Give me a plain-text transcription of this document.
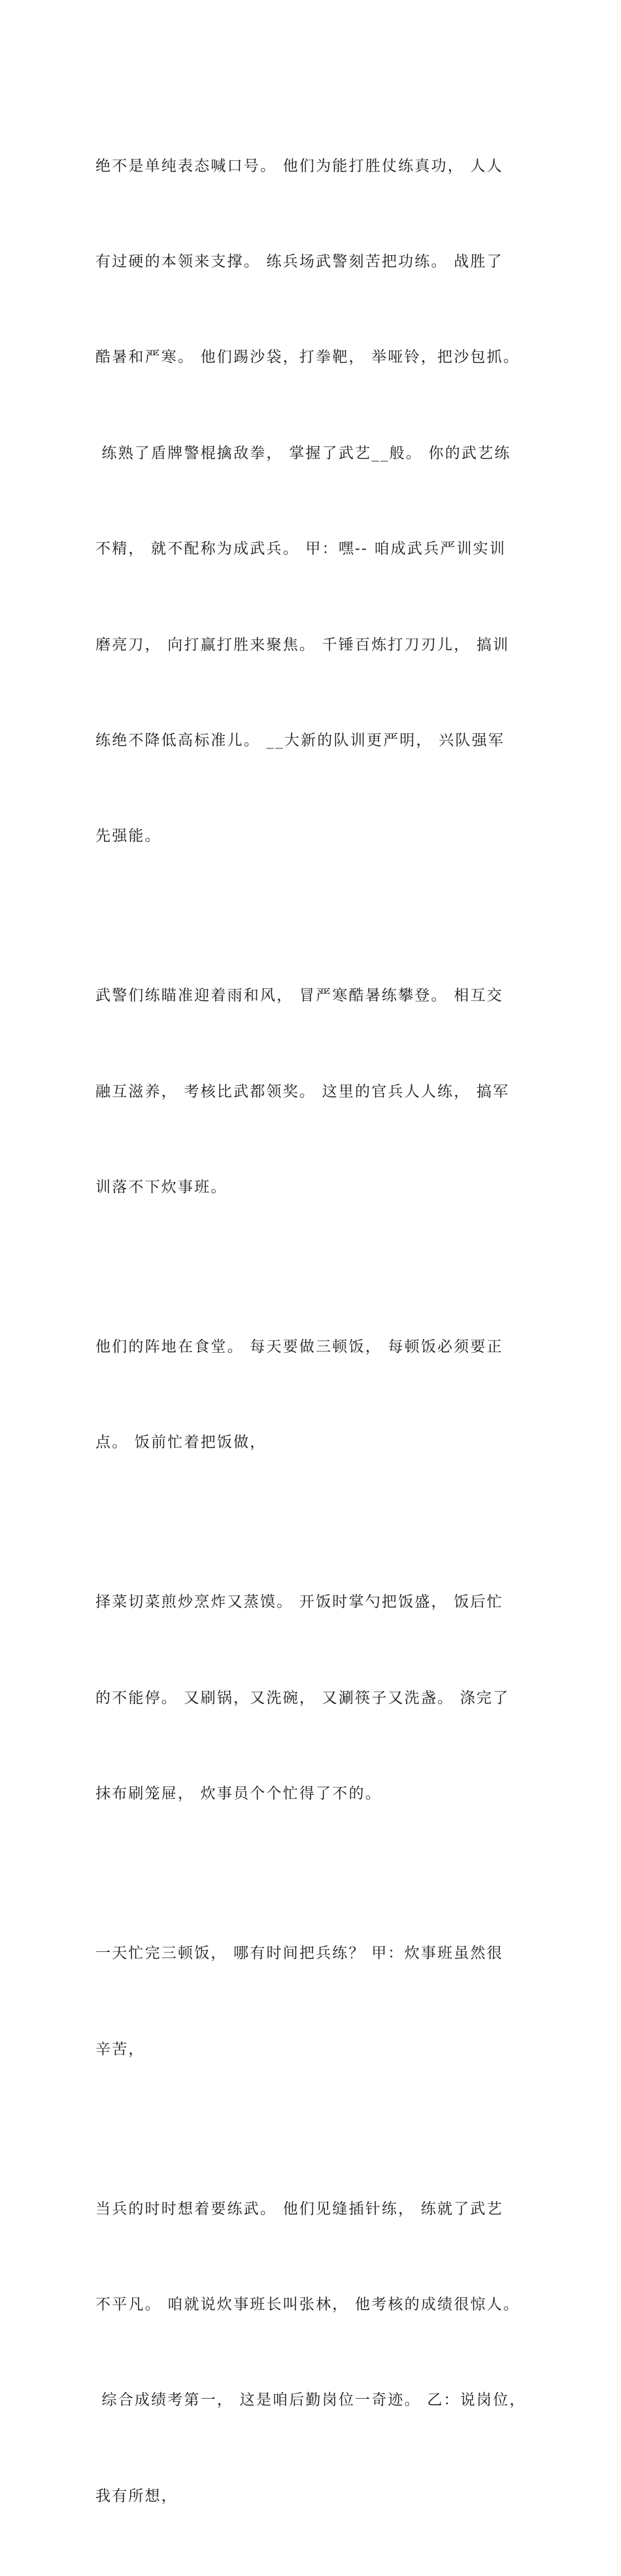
绝不是单纯表态喊口号。 他们为能打胜仗练真功， 人人

有过硬的本领来支撑。 练兵场武警刻苦把功练。 战胜了

酷暑和严寒。 他们踢沙袋，打拳靶， 举哑铃，把沙包抓。

练熟了盾牌警棍擒敌拳， 掌握了武艺__般。 你的武艺练

不精， 就不配称为成武兵。 甲：嘿-- 咱成武兵严训实训

磨亮刀， 向打赢打胜来聚焦。 千锤百炼打刀刃儿， 搞训

练绝不降低高标准儿。 __大新的队训更严明， 兴队强军

先强能。

武警们练瞄准迎着雨和风， 冒严寒酷暑练攀登。 相互交

融互滋养， 考核比武都领奖。 这里的官兵人人练， 搞军

训落不下炊事班。

他们的阵地在食堂。 每天要做三顿饭， 每顿饭必须要正

点。 饭前忙着把饭做，

择菜切菜煎炒烹炸又蒸馍。 开饭时掌勺把饭盛， 饭后忙

的不能停。 又刷锅，又洗碗， 又涮筷子又洗盏。 涤完了

抹布刷笼屉， 炊事员个个忙得了不的。

一天忙完三顿饭， 哪有时间把兵练？ 甲：炊事班虽然很

辛苦，

当兵的时时想着要练武。 他们见缝插针练， 练就了武艺

不平凡。 咱就说炊事班长叫张林， 他考核的成绩很惊人。

综合成绩考第一， 这是咱后勤岗位一奇迹。 乙：说岗位，

我有所想，
